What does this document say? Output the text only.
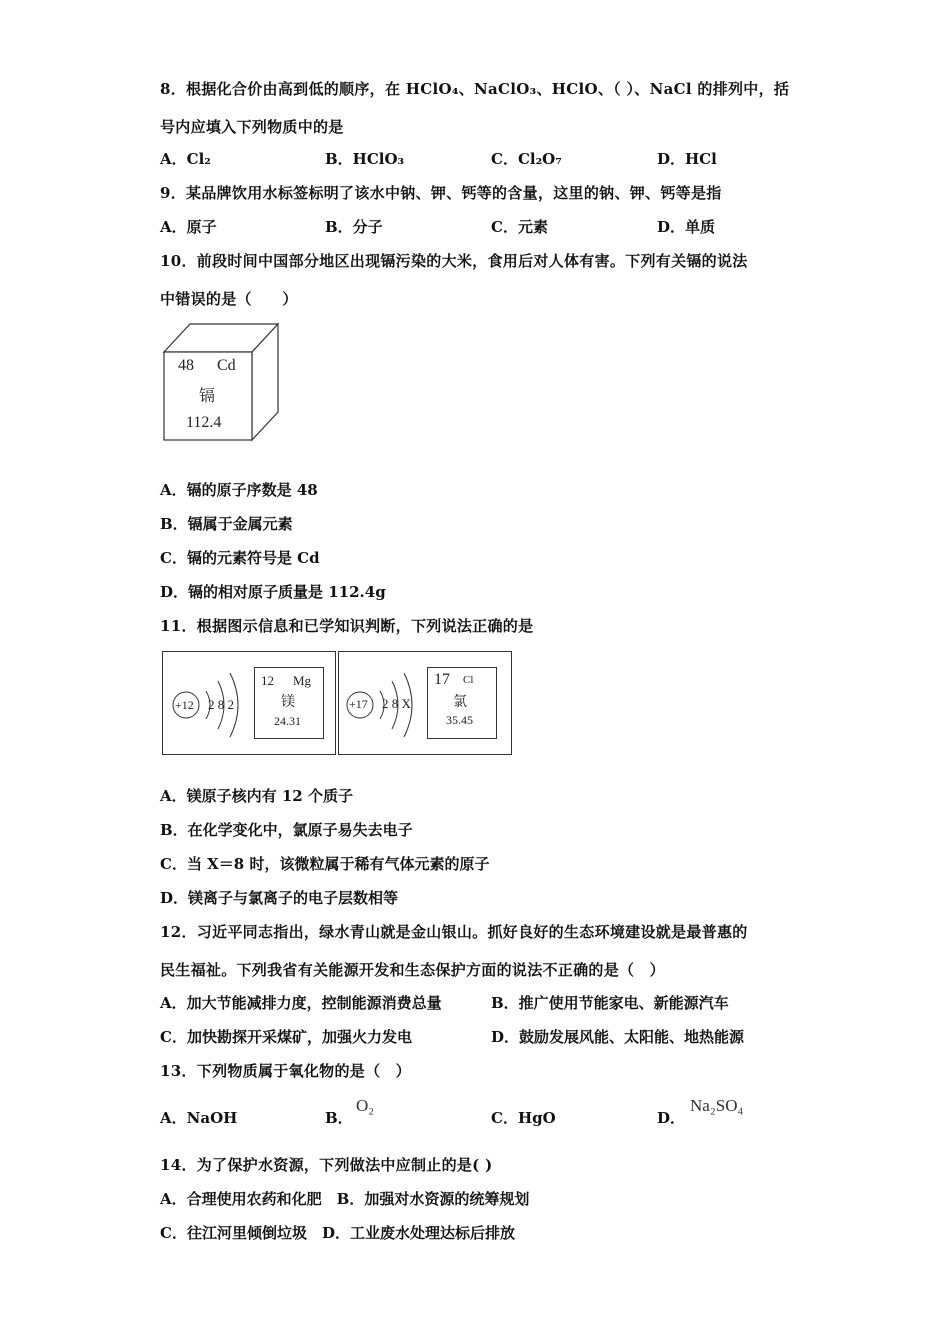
8．根据化合价由高到低的顺序，在 HClO₄、NaClO₃、HClO、（ ）、NaCl 的排列中，括
号内应填入下列物质中的是
A．Cl₂	B．HClO₃	C．Cl₂O₇	D．HCl
9．某品牌饮用水标签标明了该水中钠、钾、钙等的含量，这里的钠、钾、钙等是指
A．原子	B．分子	C．元素	D．单质
10．前段时间中国部分地区出现镉污染的大米，食用后对人体有害。下列有关镉的说法
中错误的是（　　）
48 Cd
镉
112.4
A．镉的原子序数是 48
B．镉属于金属元素
C．镉的元素符号是 Cd
D．镉的相对原子质量是 112.4g
11．根据图示信息和已学知识判断，下列说法正确的是
+12 2 8 2
12 Mg
镁
24.31
+17 2 8 X
17 Cl
氯
35.45
A．镁原子核内有 12 个质子
B．在化学变化中，氯原子易失去电子
C．当 X＝8 时，该微粒属于稀有气体元素的原子
D．镁离子与氯离子的电子层数相等
12．习近平同志指出，绿水青山就是金山银山。抓好良好的生态环境建设就是最普惠的
民生福祉。下列我省有关能源开发和生态保护方面的说法不正确的是（　）
A．加大节能减排力度，控制能源消费总量	B．推广使用节能家电、新能源汽车
C．加快勘探开采煤矿，加强火力发电	D．鼓励发展风能、太阳能、地热能源
13．下列物质属于氧化物的是（　）
A．NaOH	B．
O₂
C．HgO	D．
Na₂SO₄
14．为了保护水资源，下列做法中应制止的是( )
A．合理使用农药和化肥　B．加强对水资源的统筹规划
C．往江河里倾倒垃圾　D．工业废水处理达标后排放
